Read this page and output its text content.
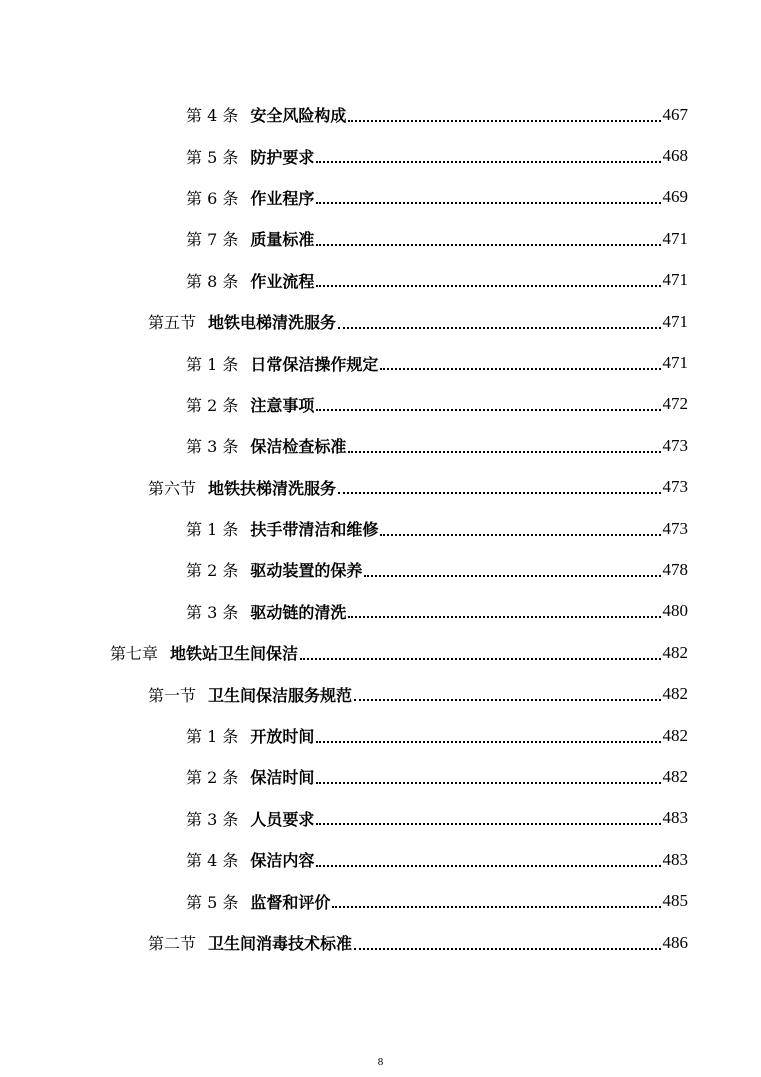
第 4 条 安全风险构成	467
第 5 条 防护要求	468
第 6 条 作业程序	469
第 7 条 质量标准	471
第 8 条 作业流程	471
第五节 地铁电梯清洗服务	471
第 1 条 日常保洁操作规定	471
第 2 条 注意事项	472
第 3 条 保洁检查标准	473
第六节 地铁扶梯清洗服务	473
第 1 条 扶手带清洁和维修	473
第 2 条 驱动装置的保养	478
第 3 条 驱动链的清洗	480
第七章 地铁站卫生间保洁	482
第一节 卫生间保洁服务规范	482
第 1 条 开放时间	482
第 2 条 保洁时间	482
第 3 条 人员要求	483
第 4 条 保洁内容	483
第 5 条 监督和评价	485
第二节 卫生间消毒技术标准	486
8
